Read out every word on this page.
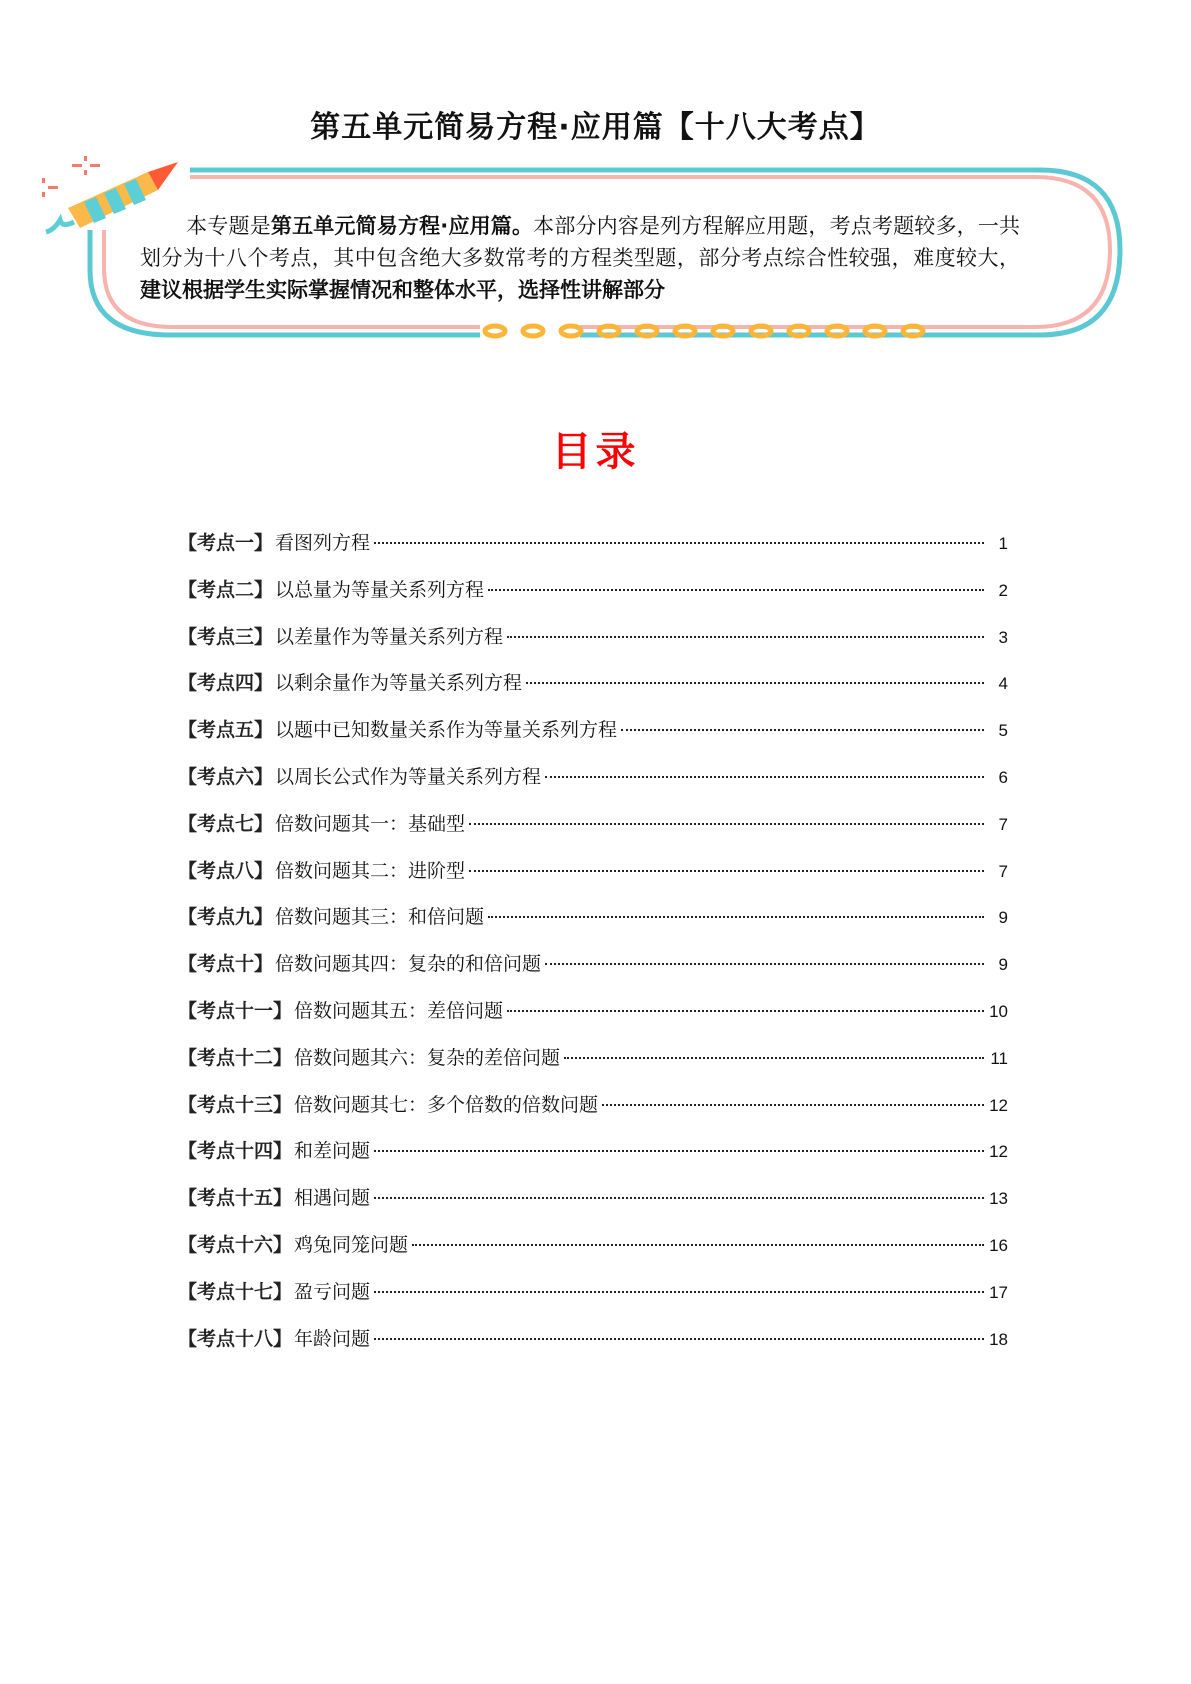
第五单元简易方程·应用篇【十八大考点】
本专题是第五单元简易方程·应用篇。本部分内容是列方程解应用题，考点考题较多，一共划分为十八个考点，其中包含绝大多数常考的方程类型题，部分考点综合性较强，难度较大，建议根据学生实际掌握情况和整体水平，选择性讲解部分
目录
【考点一】 看图列方程	1
【考点二】 以总量为等量关系列方程	2
【考点三】 以差量作为等量关系列方程	3
【考点四】 以剩余量作为等量关系列方程	4
【考点五】 以题中已知数量关系作为等量关系列方程	5
【考点六】 以周长公式作为等量关系列方程	6
【考点七】 倍数问题其一：基础型	7
【考点八】 倍数问题其二：进阶型	7
【考点九】 倍数问题其三：和倍问题	9
【考点十】 倍数问题其四：复杂的和倍问题	9
【考点十一】 倍数问题其五：差倍问题	10
【考点十二】 倍数问题其六：复杂的差倍问题	11
【考点十三】 倍数问题其七：多个倍数的倍数问题	12
【考点十四】 和差问题	12
【考点十五】 相遇问题	13
【考点十六】 鸡兔同笼问题	16
【考点十七】 盈亏问题	17
【考点十八】 年龄问题	18
